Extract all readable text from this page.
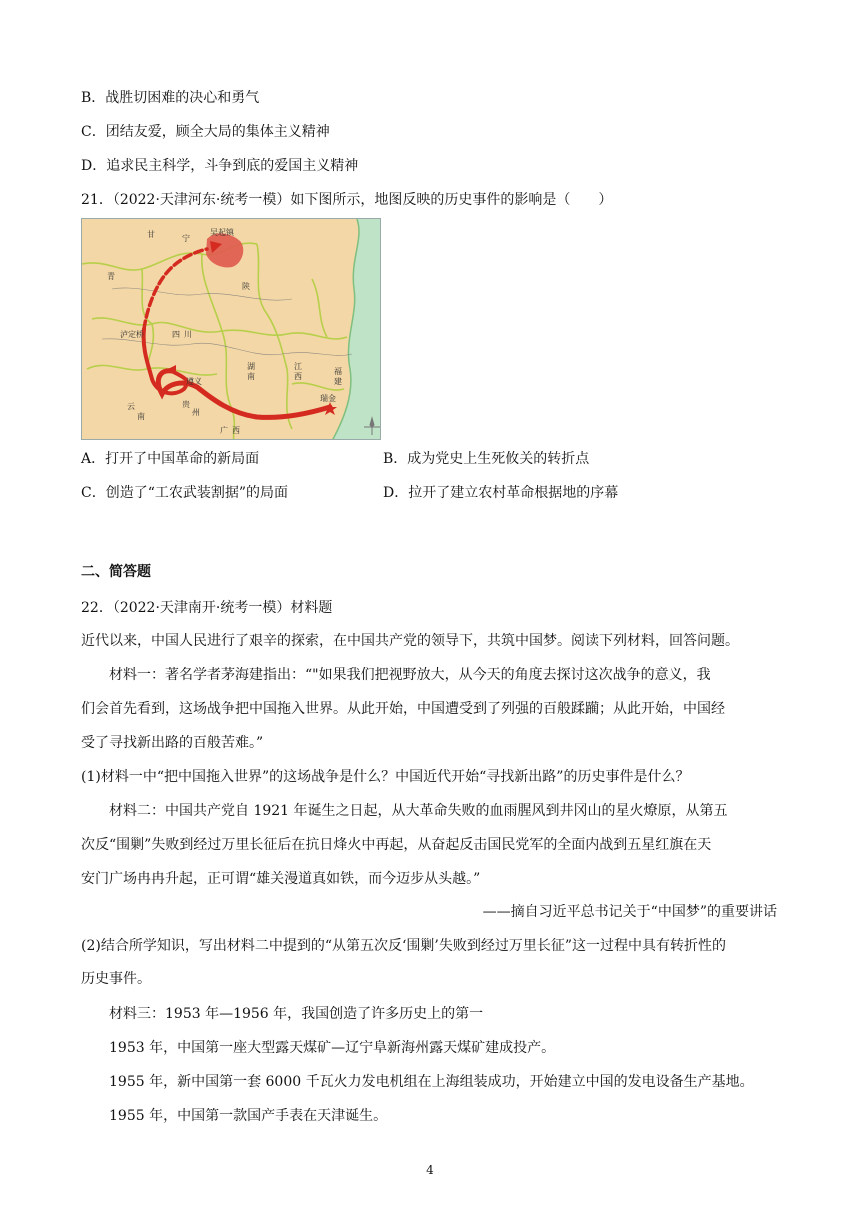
B．战胜切困难的决心和勇气
C．团结友爱，顾全大局的集体主义精神
D．追求民主科学，斗争到底的爱国主义精神
21．（2022·天津河东·统考一模）如下图所示，地图反映的历史事件的影响是（　　）
瑞金
吴起镇
甘
陕
宁
青
四 川
湖
南
江
西
贵
州
云
南
广 西
福
建
遵义
泸定桥
A．打开了中国革命的新局面	B．成为党史上生死攸关的转折点
C．创造了“工农武装割据”的局面	D．拉开了建立农村革命根据地的序幕
二、简答题
22．（2022·天津南开·统考一模）材料题
近代以来，中国人民进行了艰辛的探索，在中国共产党的领导下，共筑中国梦。阅读下列材料，回答问题。
材料一：著名学者茅海建指出：“"如果我们把视野放大，从今天的角度去探讨这次战争的意义，我
们会首先看到，这场战争把中国拖入世界。从此开始，中国遭受到了列强的百般蹂躏；从此开始，中国经
受了寻找新出路的百般苦难。”
(1)材料一中“把中国拖入世界”的这场战争是什么？中国近代开始“寻找新出路”的历史事件是什么？
材料二：中国共产党自 1921 年诞生之日起，从大革命失败的血雨腥风到井冈山的星火燎原，从第五
次反“围剿”失败到经过万里长征后在抗日烽火中再起，从奋起反击国民党军的全面内战到五星红旗在天
安门广场冉冉升起，正可谓“雄关漫道真如铁，而今迈步从头越。”
——摘自习近平总书记关于“中国梦”的重要讲话
(2)结合所学知识，写出材料二中提到的“从第五次反‘围剿’失败到经过万里长征”这一过程中具有转折性的
历史事件。
材料三：1953 年—1956 年，我国创造了许多历史上的第一
1953 年，中国第一座大型露天煤矿—辽宁阜新海州露天煤矿建成投产。
1955 年，新中国第一套 6000 千瓦火力发电机组在上海组装成功，开始建立中国的发电设备生产基地。
1955 年，中国第一款国产手表在天津诞生。
4
